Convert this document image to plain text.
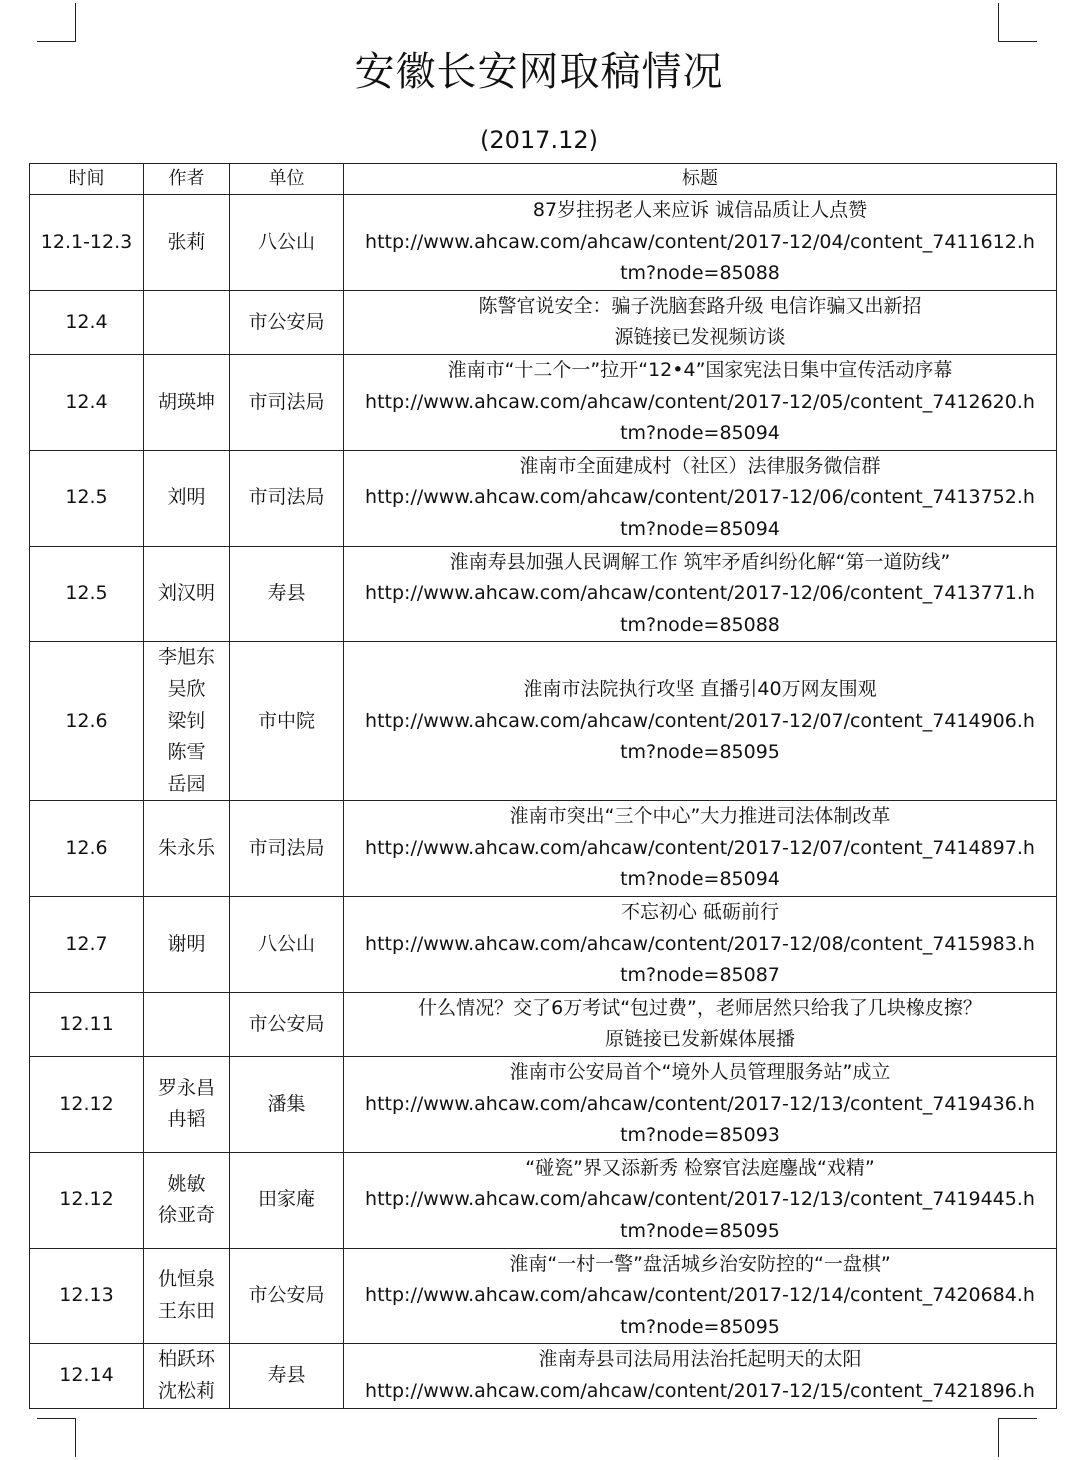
安徽长安网取稿情况
(2017.12)
时间	作者	单位	标题
12.1-12.3	张莉	八公山	87岁拄拐老人来应诉 诚信品质让人点赞
http://www.ahcaw.com/ahcaw/content/2017-12/04/content_7411612.h
tm?node=85088
12.4		市公安局	陈警官说安全：骗子洗脑套路升级 电信诈骗又出新招
源链接已发视频访谈
12.4	胡瑛坤	市司法局	淮南市“十二个一”拉开“12•4”国家宪法日集中宣传活动序幕
http://www.ahcaw.com/ahcaw/content/2017-12/05/content_7412620.h
tm?node=85094
12.5	刘明	市司法局	淮南市全面建成村（社区）法律服务微信群
http://www.ahcaw.com/ahcaw/content/2017-12/06/content_7413752.h
tm?node=85094
12.5	刘汉明	寿县	淮南寿县加强人民调解工作 筑牢矛盾纠纷化解“第一道防线”
http://www.ahcaw.com/ahcaw/content/2017-12/06/content_7413771.h
tm?node=85088
12.6	李旭东
吴欣
梁钊
陈雪
岳园	市中院	淮南市法院执行攻坚 直播引40万网友围观
http://www.ahcaw.com/ahcaw/content/2017-12/07/content_7414906.h
tm?node=85095
12.6	朱永乐	市司法局	淮南市突出“三个中心”大力推进司法体制改革
http://www.ahcaw.com/ahcaw/content/2017-12/07/content_7414897.h
tm?node=85094
12.7	谢明	八公山	不忘初心 砥砺前行
http://www.ahcaw.com/ahcaw/content/2017-12/08/content_7415983.h
tm?node=85087
12.11		市公安局	什么情况？交了6万考试“包过费”，老师居然只给我了几块橡皮擦？
原链接已发新媒体展播
12.12	罗永昌
冉韬	潘集	淮南市公安局首个“境外人员管理服务站”成立
http://www.ahcaw.com/ahcaw/content/2017-12/13/content_7419436.h
tm?node=85093
12.12	姚敏
徐亚奇	田家庵	“碰瓷”界又添新秀 检察官法庭鏖战“戏精”
http://www.ahcaw.com/ahcaw/content/2017-12/13/content_7419445.h
tm?node=85095
12.13	仇恒泉
王东田	市公安局	淮南“一村一警”盘活城乡治安防控的“一盘棋”
http://www.ahcaw.com/ahcaw/content/2017-12/14/content_7420684.h
tm?node=85095
12.14	柏跃环
沈松莉	寿县	淮南寿县司法局用法治托起明天的太阳
http://www.ahcaw.com/ahcaw/content/2017-12/15/content_7421896.h
